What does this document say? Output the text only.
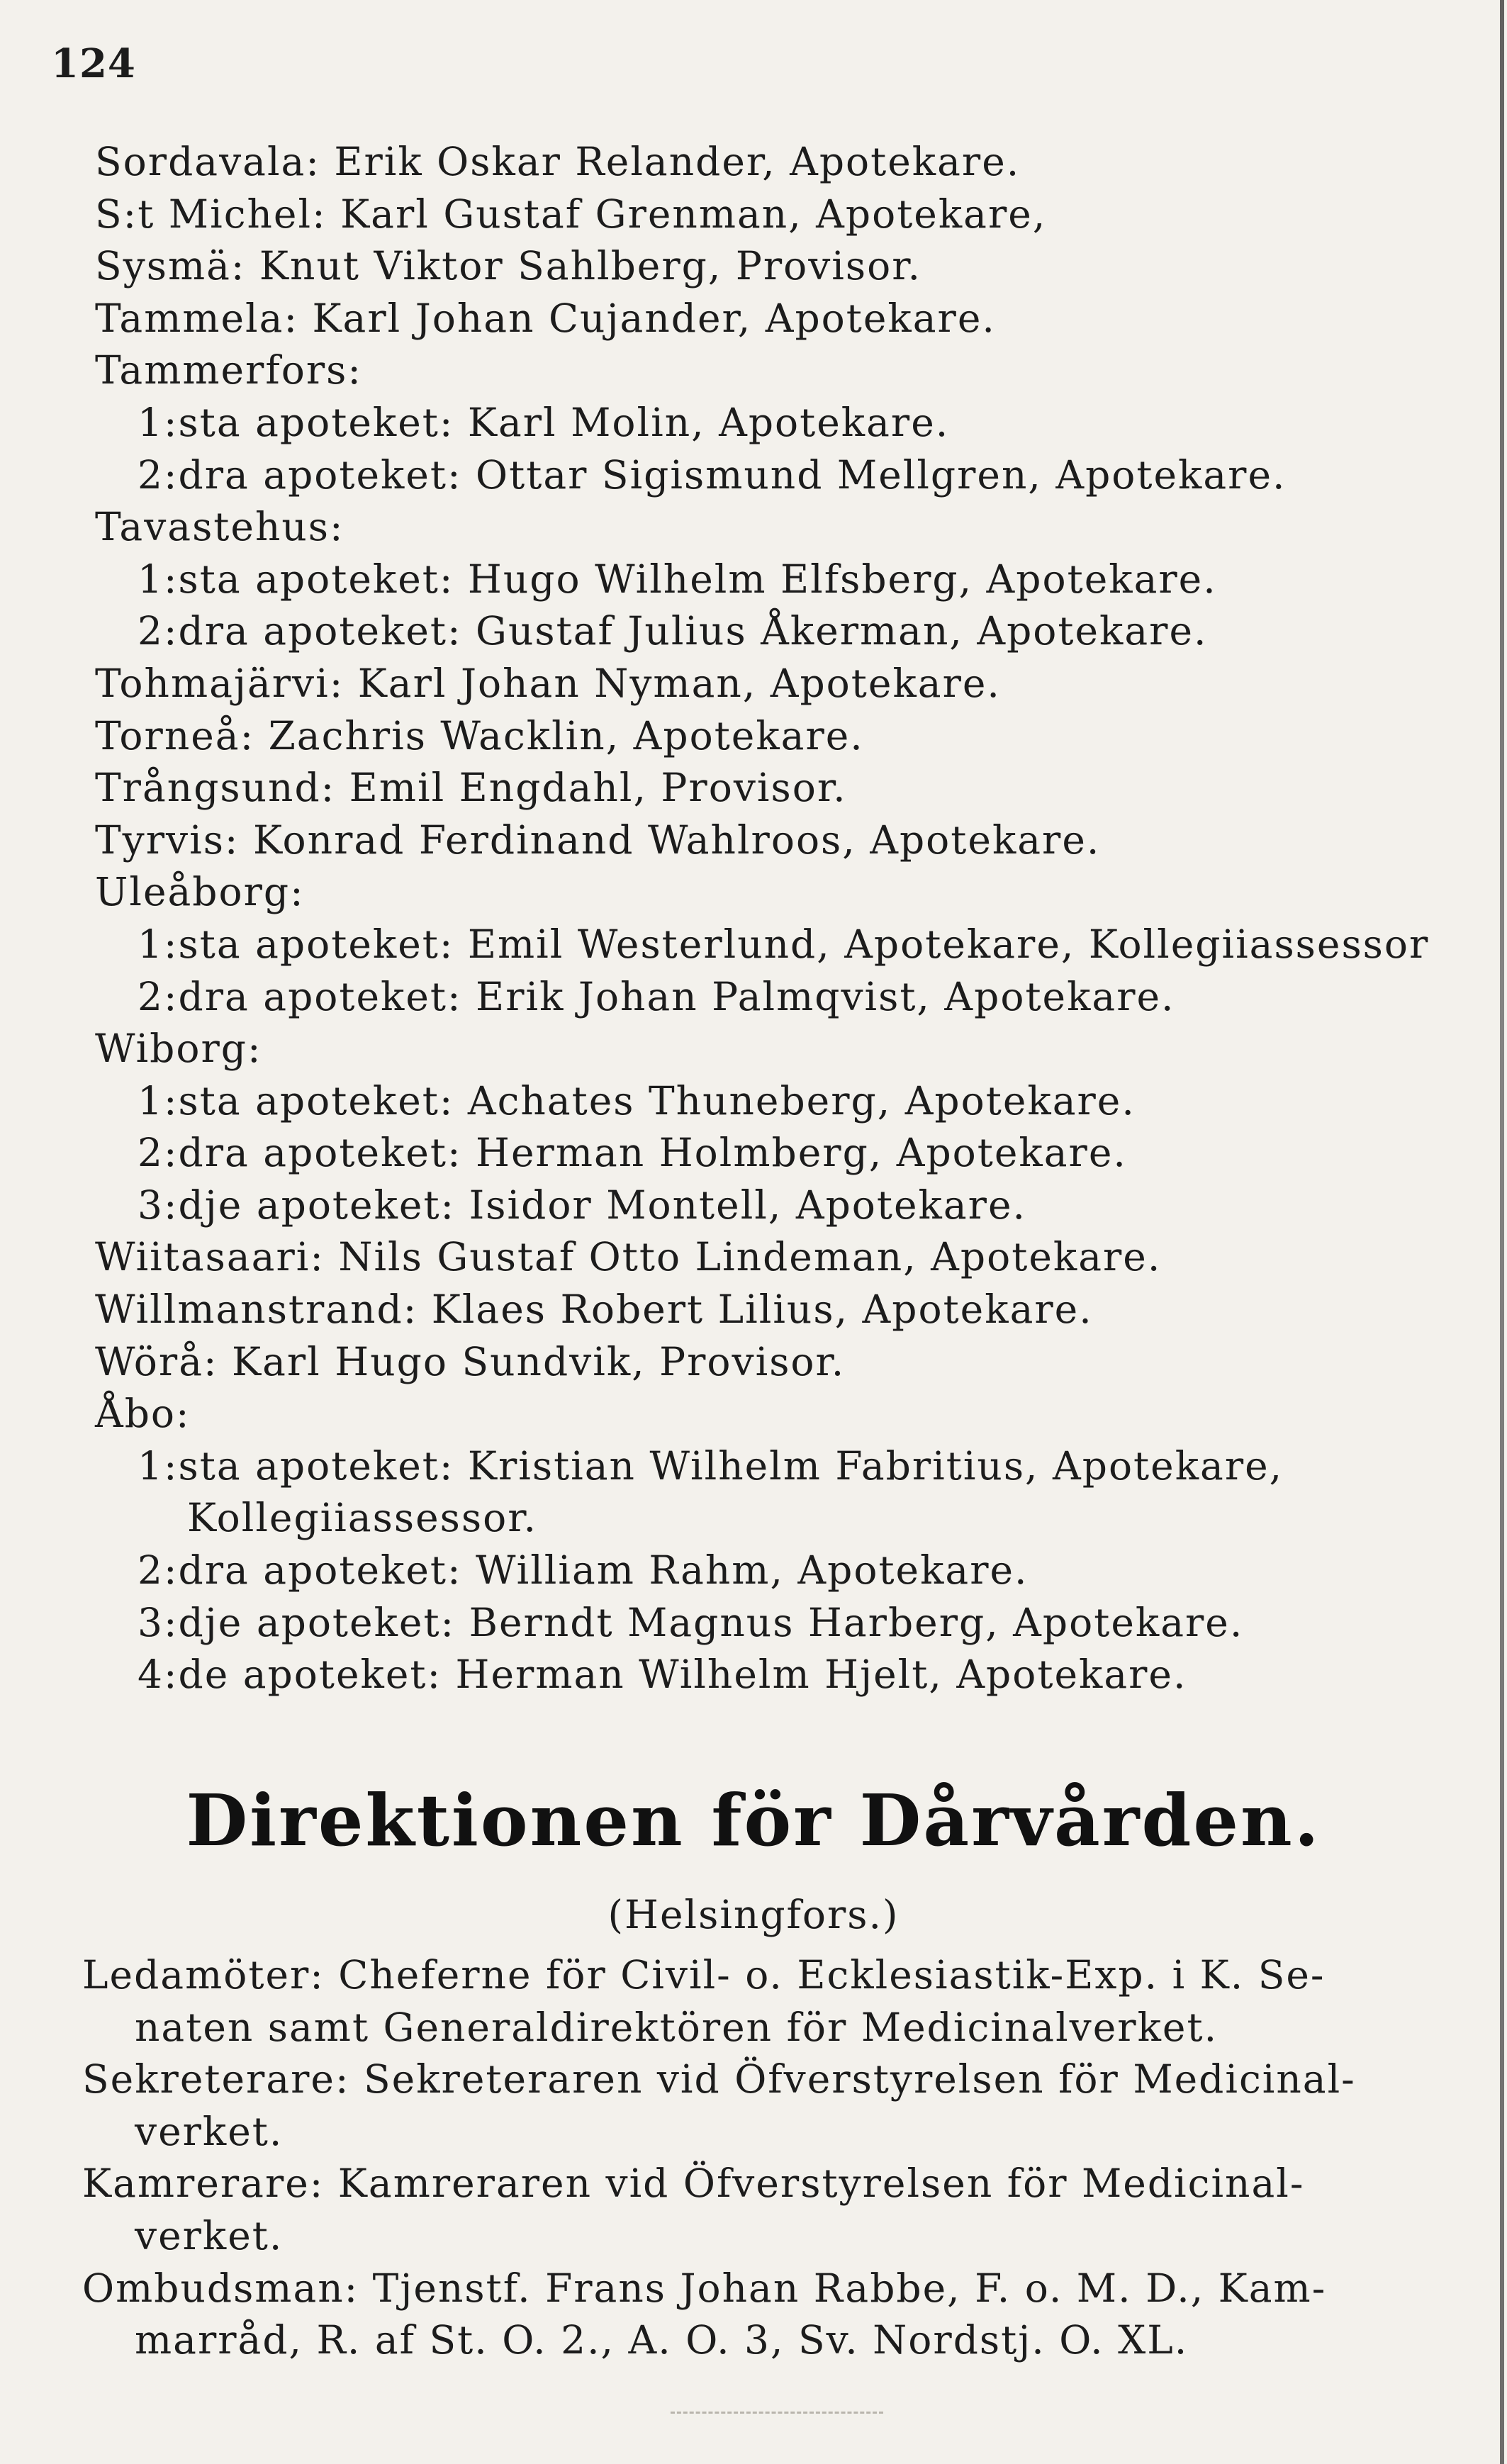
124
Sordavala: Erik Oskar Relander, Apotekare.
S:t Michel: Karl Gustaf Grenman, Apotekare,
Sysmä: Knut Viktor Sahlberg, Provisor.
Tammela: Karl Johan Cujander, Apotekare.
Tammerfors:
1:sta apoteket: Karl Molin, Apotekare.
2:dra apoteket: Ottar Sigismund Mellgren, Apotekare.
Tavastehus:
1:sta apoteket: Hugo Wilhelm Elfsberg, Apotekare.
2:dra apoteket: Gustaf Julius Åkerman, Apotekare.
Tohmajärvi: Karl Johan Nyman, Apotekare.
Torneå: Zachris Wacklin, Apotekare.
Trångsund: Emil Engdahl, Provisor.
Tyrvis: Konrad Ferdinand Wahlroos, Apotekare.
Uleåborg:
1:sta apoteket: Emil Westerlund, Apotekare, Kollegiiassessor
2:dra apoteket: Erik Johan Palmqvist, Apotekare.
Wiborg:
1:sta apoteket: Achates Thuneberg, Apotekare.
2:dra apoteket: Herman Holmberg, Apotekare.
3:dje apoteket: Isidor Montell, Apotekare.
Wiitasaari: Nils Gustaf Otto Lindeman, Apotekare.
Willmanstrand: Klaes Robert Lilius, Apotekare.
Wörå: Karl Hugo Sundvik, Provisor.
Åbo:
1:sta apoteket: Kristian Wilhelm Fabritius, Apotekare,
Kollegiiassessor.
2:dra apoteket: William Rahm, Apotekare.
3:dje apoteket: Berndt Magnus Harberg, Apotekare.
4:de apoteket: Herman Wilhelm Hjelt, Apotekare.
Direktionen för Dårvården.
(Helsingfors.)
Ledamöter: Cheferne för Civil- o. Ecklesiastik-Exp. i K. Se-
naten samt Generaldirektören för Medicinalverket.
Sekreterare: Sekreteraren vid Öfverstyrelsen för Medicinal-
verket.
Kamrerare: Kamreraren vid Öfverstyrelsen för Medicinal-
verket.
Ombudsman: Tjenstf. Frans Johan Rabbe, F. o. M. D., Kam-
marråd, R. af St. O. 2., A. O. 3, Sv. Nordstj. O. XL.
